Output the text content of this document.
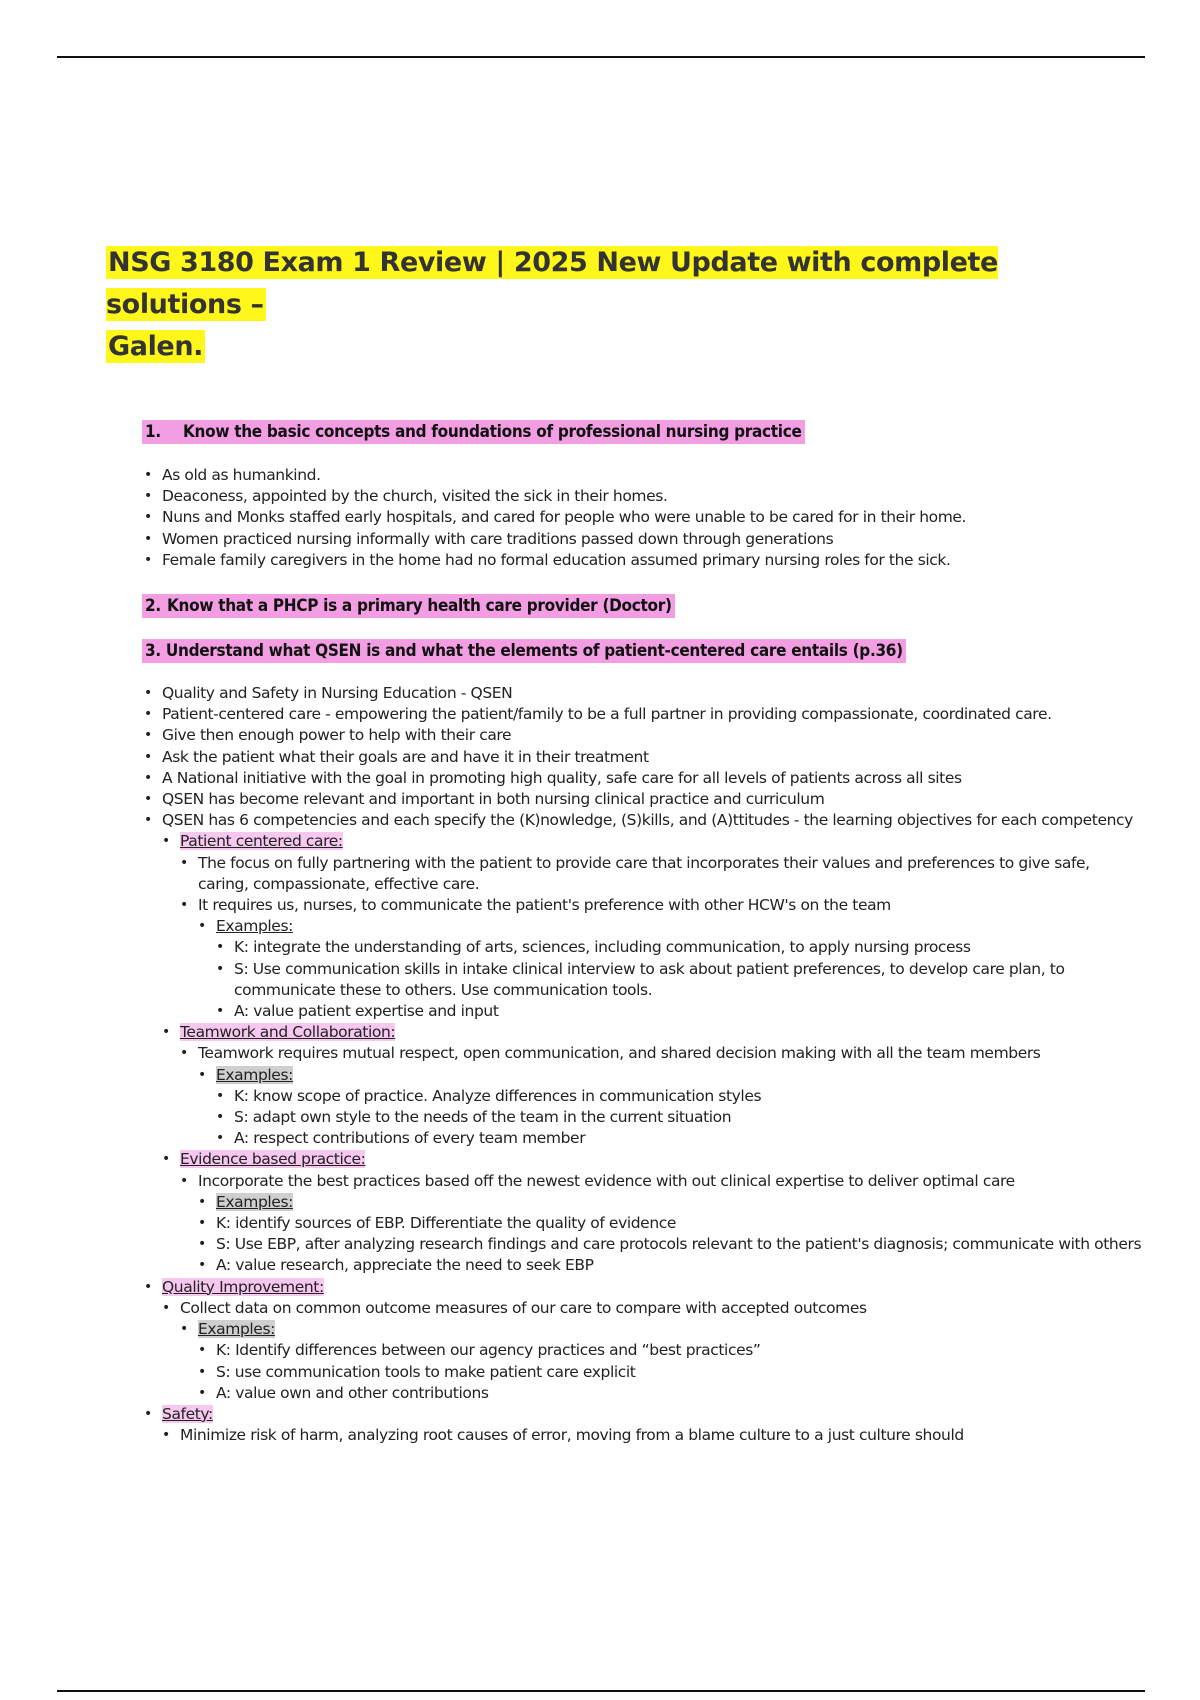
NSG 3180 Exam 1 Review | 2025 New Update with complete solutions –
Galen.
1. Know the basic concepts and foundations of professional nursing practice
• As old as humankind.
• Deaconess, appointed by the church, visited the sick in their homes.
• Nuns and Monks staffed early hospitals, and cared for people who were unable to be cared for in their home.
• Women practiced nursing informally with care traditions passed down through generations
• Female family caregivers in the home had no formal education assumed primary nursing roles for the sick.
2. Know that a PHCP is a primary health care provider (Doctor)
3. Understand what QSEN is and what the elements of patient-centered care entails (p.36)
• Quality and Safety in Nursing Education - QSEN
• Patient-centered care - empowering the patient/family to be a full partner in providing compassionate, coordinated care.
• Give then enough power to help with their care
• Ask the patient what their goals are and have it in their treatment
• A National initiative with the goal in promoting high quality, safe care for all levels of patients across all sites
• QSEN has become relevant and important in both nursing clinical practice and curriculum
• QSEN has 6 competencies and each specify the (K)nowledge, (S)kills, and (A)ttitudes - the learning objectives for each competency
• Patient centered care:
• The focus on fully partnering with the patient to provide care that incorporates their values and preferences to give safe, caring, compassionate, effective care.
• It requires us, nurses, to communicate the patient's preference with other HCW's on the team
• Examples:
• K: integrate the understanding of arts, sciences, including communication, to apply nursing process
• S: Use communication skills in intake clinical interview to ask about patient preferences, to develop care plan, to communicate these to others. Use communication tools.
• A: value patient expertise and input
• Teamwork and Collaboration:
• Teamwork requires mutual respect, open communication, and shared decision making with all the team members
• Examples:
• K: know scope of practice. Analyze differences in communication styles
• S: adapt own style to the needs of the team in the current situation
• A: respect contributions of every team member
• Evidence based practice:
• Incorporate the best practices based off the newest evidence with out clinical expertise to deliver optimal care
• Examples:
• K: identify sources of EBP. Differentiate the quality of evidence
• S: Use EBP, after analyzing research findings and care protocols relevant to the patient's diagnosis; communicate with others
• A: value research, appreciate the need to seek EBP
• Quality Improvement:
• Collect data on common outcome measures of our care to compare with accepted outcomes
• Examples:
• K: Identify differences between our agency practices and “best practices”
• S: use communication tools to make patient care explicit
• A: value own and other contributions
• Safety:
• Minimize risk of harm, analyzing root causes of error, moving from a blame culture to a just culture should
